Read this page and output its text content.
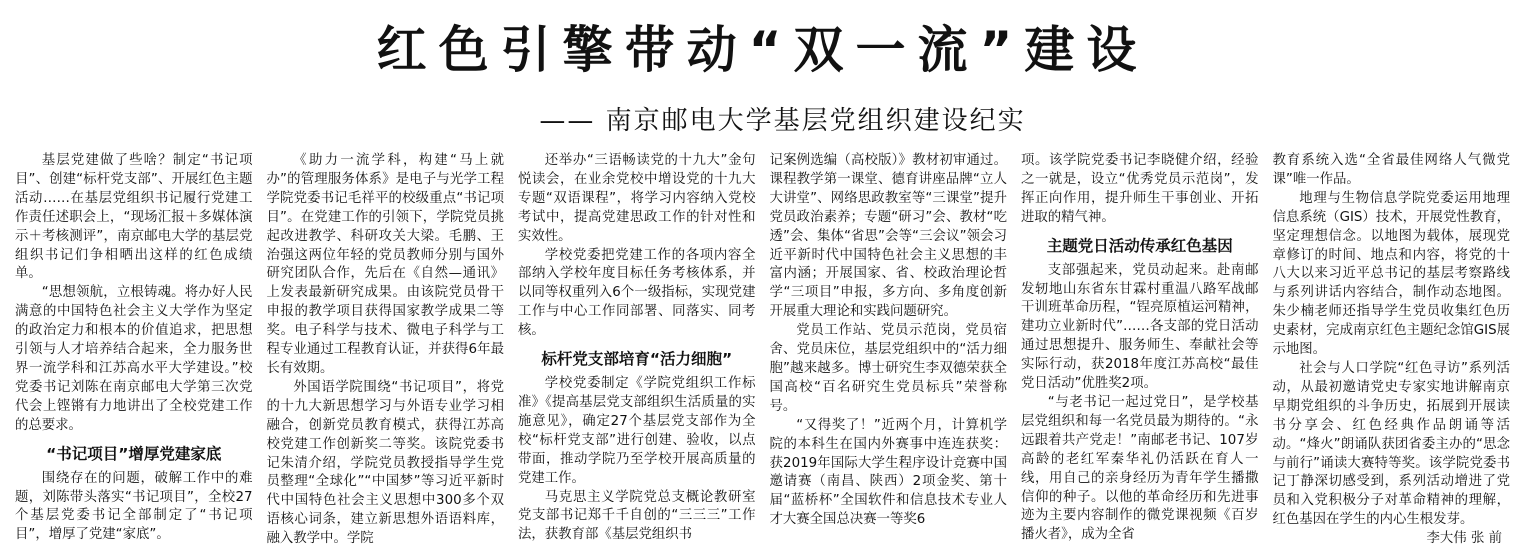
红色引擎带动“双一流”建设
—— 南京邮电大学基层党组织建设纪实

基层党建做了些啥？制定“书记项目”、创建“标杆党支部”、开展红色主题活动……在基层党组织书记履行党建工作责任述职会上，“现场汇报＋多媒体演示＋考核测评”，南京邮电大学的基层党组织书记们争相晒出这样的红色成绩单。

“思想领航，立根铸魂。将办好人民满意的中国特色社会主义大学作为坚定的政治定力和根本的价值追求，把思想引领与人才培养结合起来，全力服务世界一流学科和江苏高水平大学建设。”校党委书记刘陈在南京邮电大学第三次党代会上铿锵有力地讲出了全校党建工作的总要求。

“书记项目”增厚党建家底

围绕存在的问题，破解工作中的难题，刘陈带头落实“书记项目”，全校27个基层党委书记全部制定了“书记项目”，增厚了党建“家底”。

《助力一流学科，构建“马上就办”的管理服务体系》是电子与光学工程学院党委书记毛祥平的校级重点“书记项目”。在党建工作的引领下，学院党员挑起改进教学、科研攻关大梁。毛鹏、王治强这两位年轻的党员教师分别与国外研究团队合作，先后在《自然—通讯》上发表最新研究成果。由该院党员骨干申报的教学项目获得国家教学成果二等奖。电子科学与技术、微电子科学与工程专业通过工程教育认证，并获得6年最长有效期。

外国语学院围绕“书记项目”，将党的十九大新思想学习与外语专业学习相融合，创新党员教育模式，获得江苏高校党建工作创新奖二等奖。该院党委书记朱清介绍，学院党员教授指导学生党员整理“全球化”“中国梦”等习近平新时代中国特色社会主义思想中300多个双语核心词条，建立新思想外语语料库，融入教学中。学院

还举办“三语畅读党的十九大”金句悦读会，在业余党校中增设党的十九大专题“双语课程”，将学习内容纳入党校考试中，提高党建思政工作的针对性和实效性。

学校党委把党建工作的各项内容全部纳入学校年度目标任务考核体系，并以同等权重列入6个一级指标，实现党建工作与中心工作同部署、同落实、同考核。

标杆党支部培育“活力细胞”

学校党委制定《学院党组织工作标准》《提高基层党支部组织生活质量的实施意见》，确定27个基层党支部作为全校“标杆党支部”进行创建、验收，以点带面，推动学院乃至学校开展高质量的党建工作。

马克思主义学院党总支概论教研室党支部书记郑千千自创的“三三三”工作法，获教育部《基层党组织书

记案例选编（高校版）》教材初审通过。课程教学第一课堂、德育讲座品牌“立人大讲堂”、网络思政教室等“三课堂”提升党员政治素养；专题“研习”会、教材“吃透”会、集体“省思”会等“三会议”领会习近平新时代中国特色社会主义思想的丰富内涵；开展国家、省、校政治理论哲学“三项目”申报，多方向、多角度创新开展重大理论和实践问题研究。

党员工作站、党员示范岗，党员宿舍、党员床位，基层党组织中的“活力细胞”越来越多。博士研究生李双德荣获全国高校“百名研究生党员标兵”荣誉称号。

“又得奖了！”近两个月，计算机学院的本科生在国内外赛事中连连获奖：获2019年国际大学生程序设计竞赛中国邀请赛（南昌、陕西）2项金奖、第十届“蓝桥杯”全国软件和信息技术专业人才大赛全国总决赛一等奖6

项。该学院党委书记李晓健介绍，经验之一就是，设立“优秀党员示范岗”，发挥正向作用，提升师生干事创业、开拓进取的精气神。

主题党日活动传承红色基因

支部强起来，党员动起来。赴南邮发轫地山东省东甘霖村重温八路军战邮干训班革命历程，“锃亮原植运河精神，建功立业新时代”……各支部的党日活动通过思想提升、服务师生、奉献社会等实际行动，获2018年度江苏高校“最佳党日活动”优胜奖2项。

“与老书记一起过党日”，是学校基层党组织和每一名党员最为期待的。“永远跟着共产党走！”南邮老书记、107岁高龄的老红军秦华礼仍活跃在育人一线，用自己的亲身经历为青年学生播撒信仰的种子。以他的革命经历和先进事迹为主要内容制作的微党课视频《百岁播火者》，成为全省

教育系统入选“全省最佳网络人气微党课”唯一作品。

地理与生物信息学院党委运用地理信息系统（GIS）技术，开展党性教育，坚定理想信念。以地图为载体，展现党章修订的时间、地点和内容，将党的十八大以来习近平总书记的基层考察路线与系列讲话内容结合，制作动态地图。朱少楠老师还指导学生党员收集红色历史素材，完成南京红色主题纪念馆GIS展示地图。

社会与人口学院“红色寻访”系列活动，从最初邀请党史专家实地讲解南京早期党组织的斗争历史，拓展到开展读书分享会、红色经典作品朗诵等活动。“烽火”朗诵队获团省委主办的“思念与前行”诵读大赛特等奖。该学院党委书记丁静深切感受到，系列活动增进了党员和入党积极分子对革命精神的理解，红色基因在学生的内心生根发芽。

李大伟 张 前
